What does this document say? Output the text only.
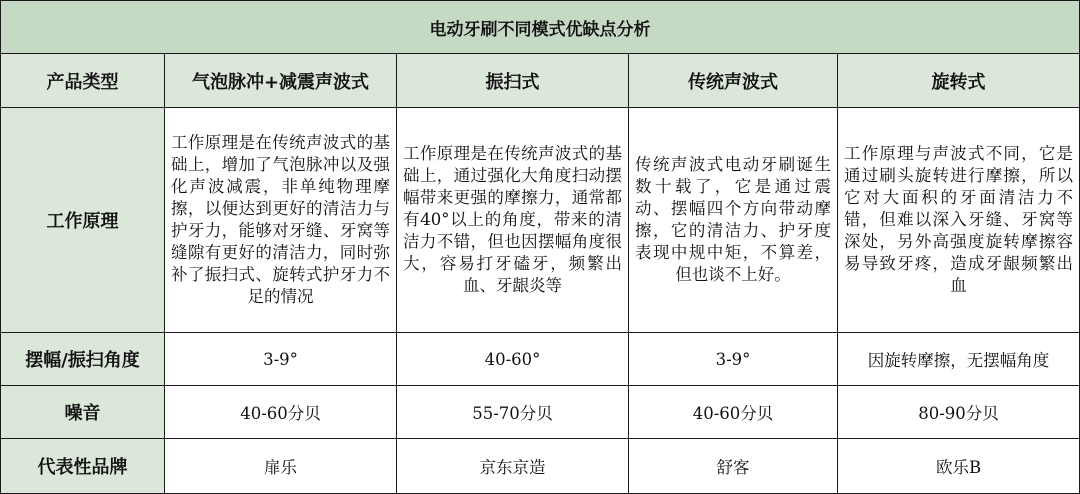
电动牙刷不同模式优缺点分析				
产品类型	气泡脉冲+减震声波式	振扫式	传统声波式	旋转式
工作原理	工作原理是在传统声波式的基础上，增加了气泡脉冲以及强化声波减震，非单纯物理摩擦，以便达到更好的清洁力与护牙力，能够对牙缝、牙窝等缝隙有更好的清洁力，同时弥补了振扫式、旋转式护牙力不足的情况	工作原理是在传统声波式的基础上，通过强化大角度扫动摆幅带来更强的摩擦力，通常都有40°以上的角度，带来的清洁力不错，但也因摆幅角度很大，容易打牙磕牙，频繁出血、牙龈炎等	传统声波式电动牙刷诞生数十载了，它是通过震动、摆幅四个方向带动摩擦，它的清洁力、护牙度表现中规中矩，不算差，但也谈不上好。	工作原理与声波式不同，它是通过刷头旋转进行摩擦，所以它对大面积的牙面清洁力不错，但难以深入牙缝、牙窝等深处，另外高强度旋转摩擦容易导致牙疼，造成牙龈频繁出血

摆幅/振扫角度	3-9°	40-60°	3-9°	因旋转摩擦，无摆幅角度
噪音	40-60分贝	55-70分贝	40-60分贝	80-90分贝
代表性品牌	扉乐	京东京造	舒客	欧乐B
